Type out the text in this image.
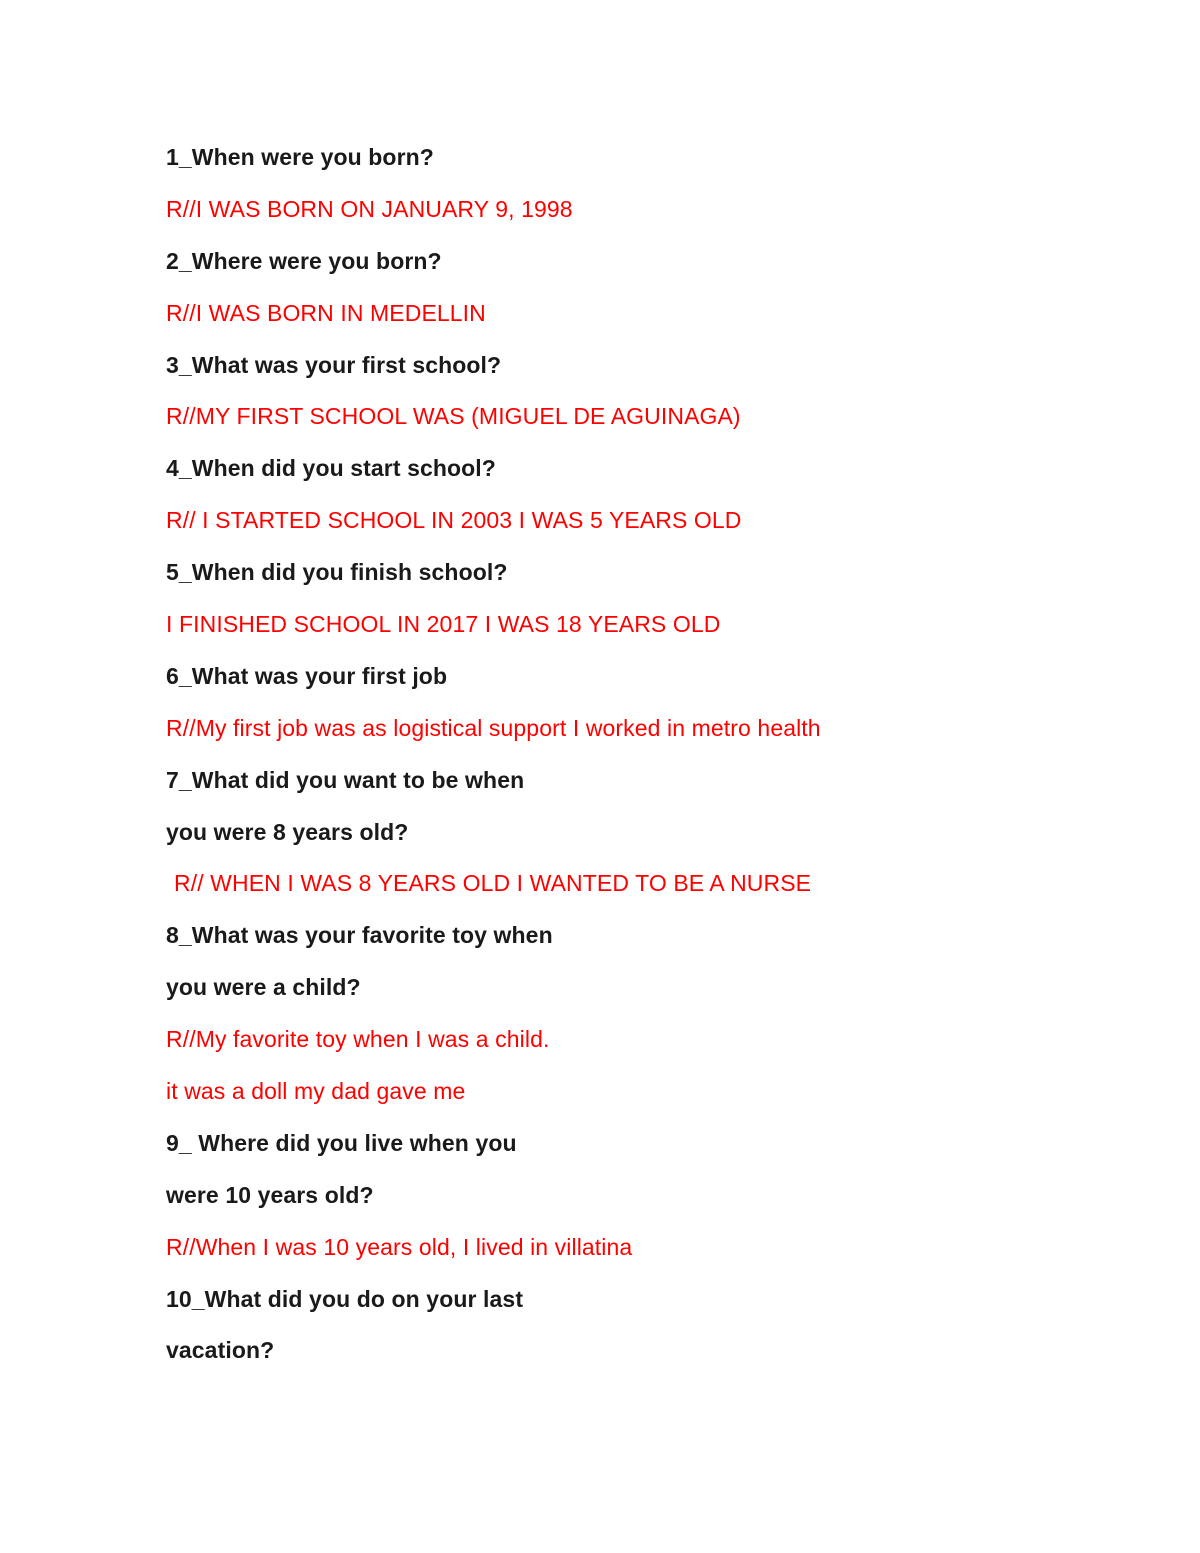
1_When were you born?
R//I WAS BORN ON JANUARY 9, 1998
2_Where were you born?
R//I WAS BORN IN MEDELLIN
3_What was your first school?
R//MY FIRST SCHOOL WAS (MIGUEL DE AGUINAGA)
4_When did you start school?
R// I STARTED SCHOOL IN 2003 I WAS 5 YEARS OLD
5_When did you finish school?
I FINISHED SCHOOL IN 2017 I WAS 18 YEARS OLD
6_What was your first job
R//My first job was as logistical support I worked in metro health
7_What did you want to be when
you were 8 years old?
R// WHEN I WAS 8 YEARS OLD I WANTED TO BE A NURSE
8_What was your favorite toy when
you were a child?
R//My favorite toy when I was a child.
it was a doll my dad gave me
9_ Where did you live when you
were 10 years old?
R//When I was 10 years old, I lived in villatina
10_What did you do on your last
vacation?
